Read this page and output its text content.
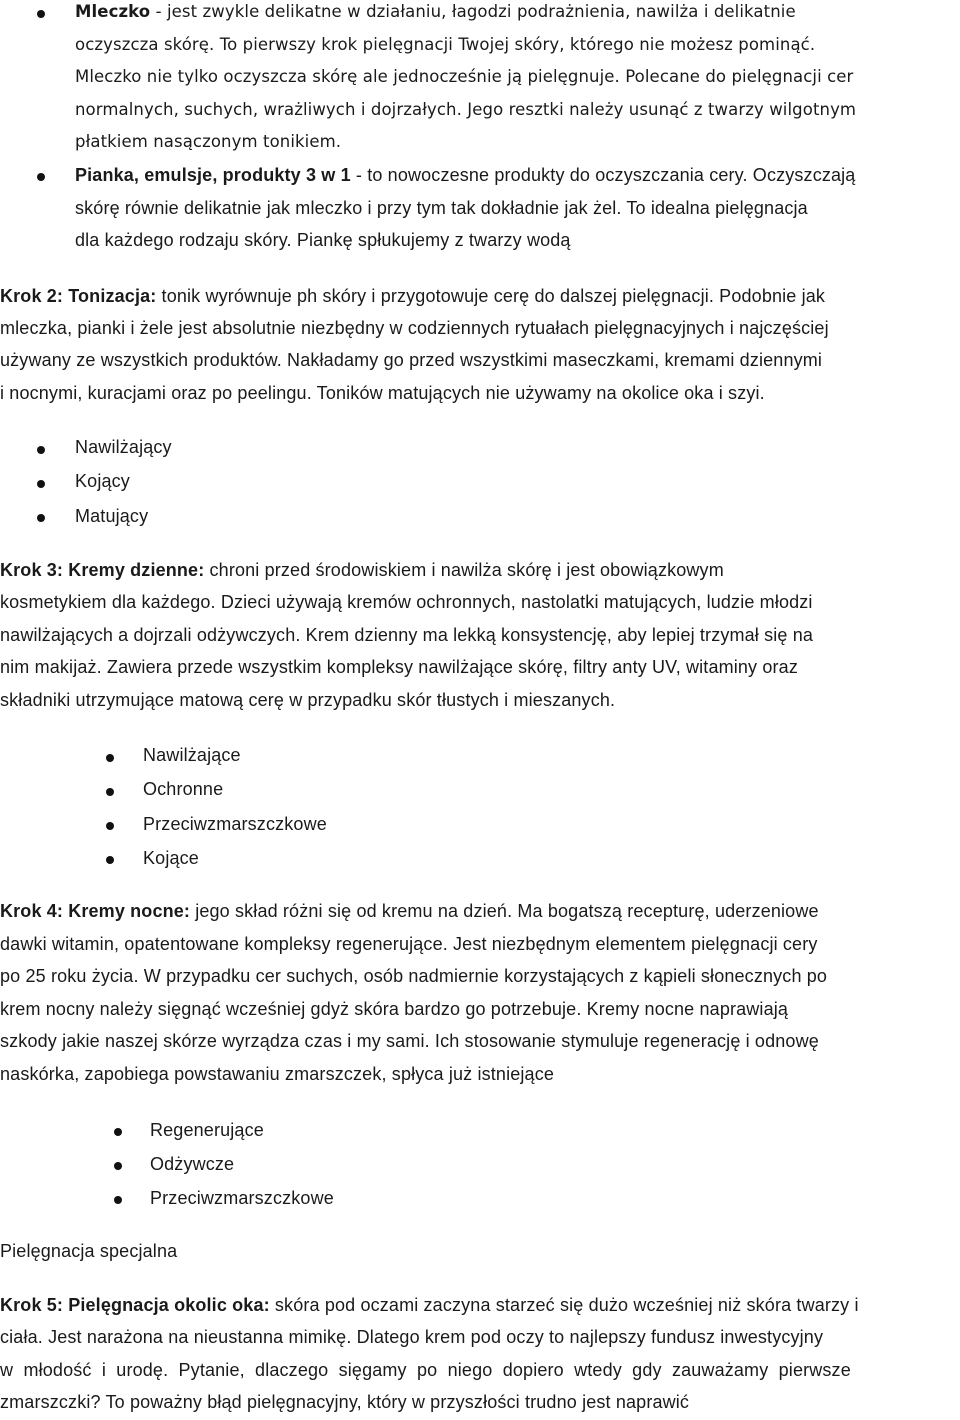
Mleczko - jest zwykle delikatne w działaniu, łagodzi podrażnienia, nawilża i delikatnie
oczyszcza skórę. To pierwszy krok pielęgnacji Twojej skóry, którego nie możesz pominąć.
Mleczko nie tylko oczyszcza skórę ale jednocześnie ją pielęgnuje. Polecane do pielęgnacji cer
normalnych, suchych, wrażliwych i dojrzałych. Jego resztki należy usunąć z twarzy wilgotnym
płatkiem nasączonym tonikiem.
Pianka, emulsje, produkty 3 w 1 - to nowoczesne produkty do oczyszczania cery. Oczyszczają
skórę równie delikatnie jak mleczko i przy tym tak dokładnie jak żel. To idealna pielęgnacja
dla każdego rodzaju skóry. Piankę spłukujemy z twarzy wodą
Krok 2: Tonizacja: tonik wyrównuje ph skóry i przygotowuje cerę do dalszej pielęgnacji. Podobnie jak
mleczka, pianki i żele jest absolutnie niezbędny w codziennych rytuałach pielęgnacyjnych i najczęściej
używany ze wszystkich produktów. Nakładamy go przed wszystkimi maseczkami, kremami dziennymi
i nocnymi, kuracjami oraz po peelingu. Toników matujących nie używamy na okolice oka i szyi.
Nawilżający
Kojący
Matujący
Krok 3: Kremy dzienne: chroni przed środowiskiem i nawilża skórę i jest obowiązkowym
kosmetykiem dla każdego. Dzieci używają kremów ochronnych, nastolatki matujących, ludzie młodzi
nawilżających a dojrzali odżywczych. Krem dzienny ma lekką konsystencję, aby lepiej trzymał się na
nim makijaż. Zawiera przede wszystkim kompleksy nawilżające skórę, filtry anty UV, witaminy oraz
składniki utrzymujące matową cerę w przypadku skór tłustych i mieszanych.
Nawilżające
Ochronne
Przeciwzmarszczkowe
Kojące
Krok 4: Kremy nocne: jego skład różni się od kremu na dzień. Ma bogatszą recepturę, uderzeniowe
dawki witamin, opatentowane kompleksy regenerujące. Jest niezbędnym elementem pielęgnacji cery
po 25 roku życia. W przypadku cer suchych, osób nadmiernie korzystających z kąpieli słonecznych po
krem nocny należy sięgnąć wcześniej gdyż skóra bardzo go potrzebuje. Kremy nocne naprawiają
szkody jakie naszej skórze wyrządza czas i my sami. Ich stosowanie stymuluje regenerację i odnowę
naskórka, zapobiega powstawaniu zmarszczek, spłyca już istniejące
Regenerujące
Odżywcze
Przeciwzmarszczkowe
Pielęgnacja specjalna
Krok 5: Pielęgnacja okolic oka: skóra pod oczami zaczyna starzeć się dużo wcześniej niż skóra twarzy i
ciała. Jest narażona na nieustanna mimikę. Dlatego krem pod oczy to najlepszy fundusz inwestycyjny
w  młodość  i  urodę.  Pytanie,  dlaczego  sięgamy  po  niego  dopiero  wtedy  gdy  zauważamy  pierwsze
zmarszczki? To poważny błąd pielęgnacyjny, który w przyszłości trudno jest naprawić
